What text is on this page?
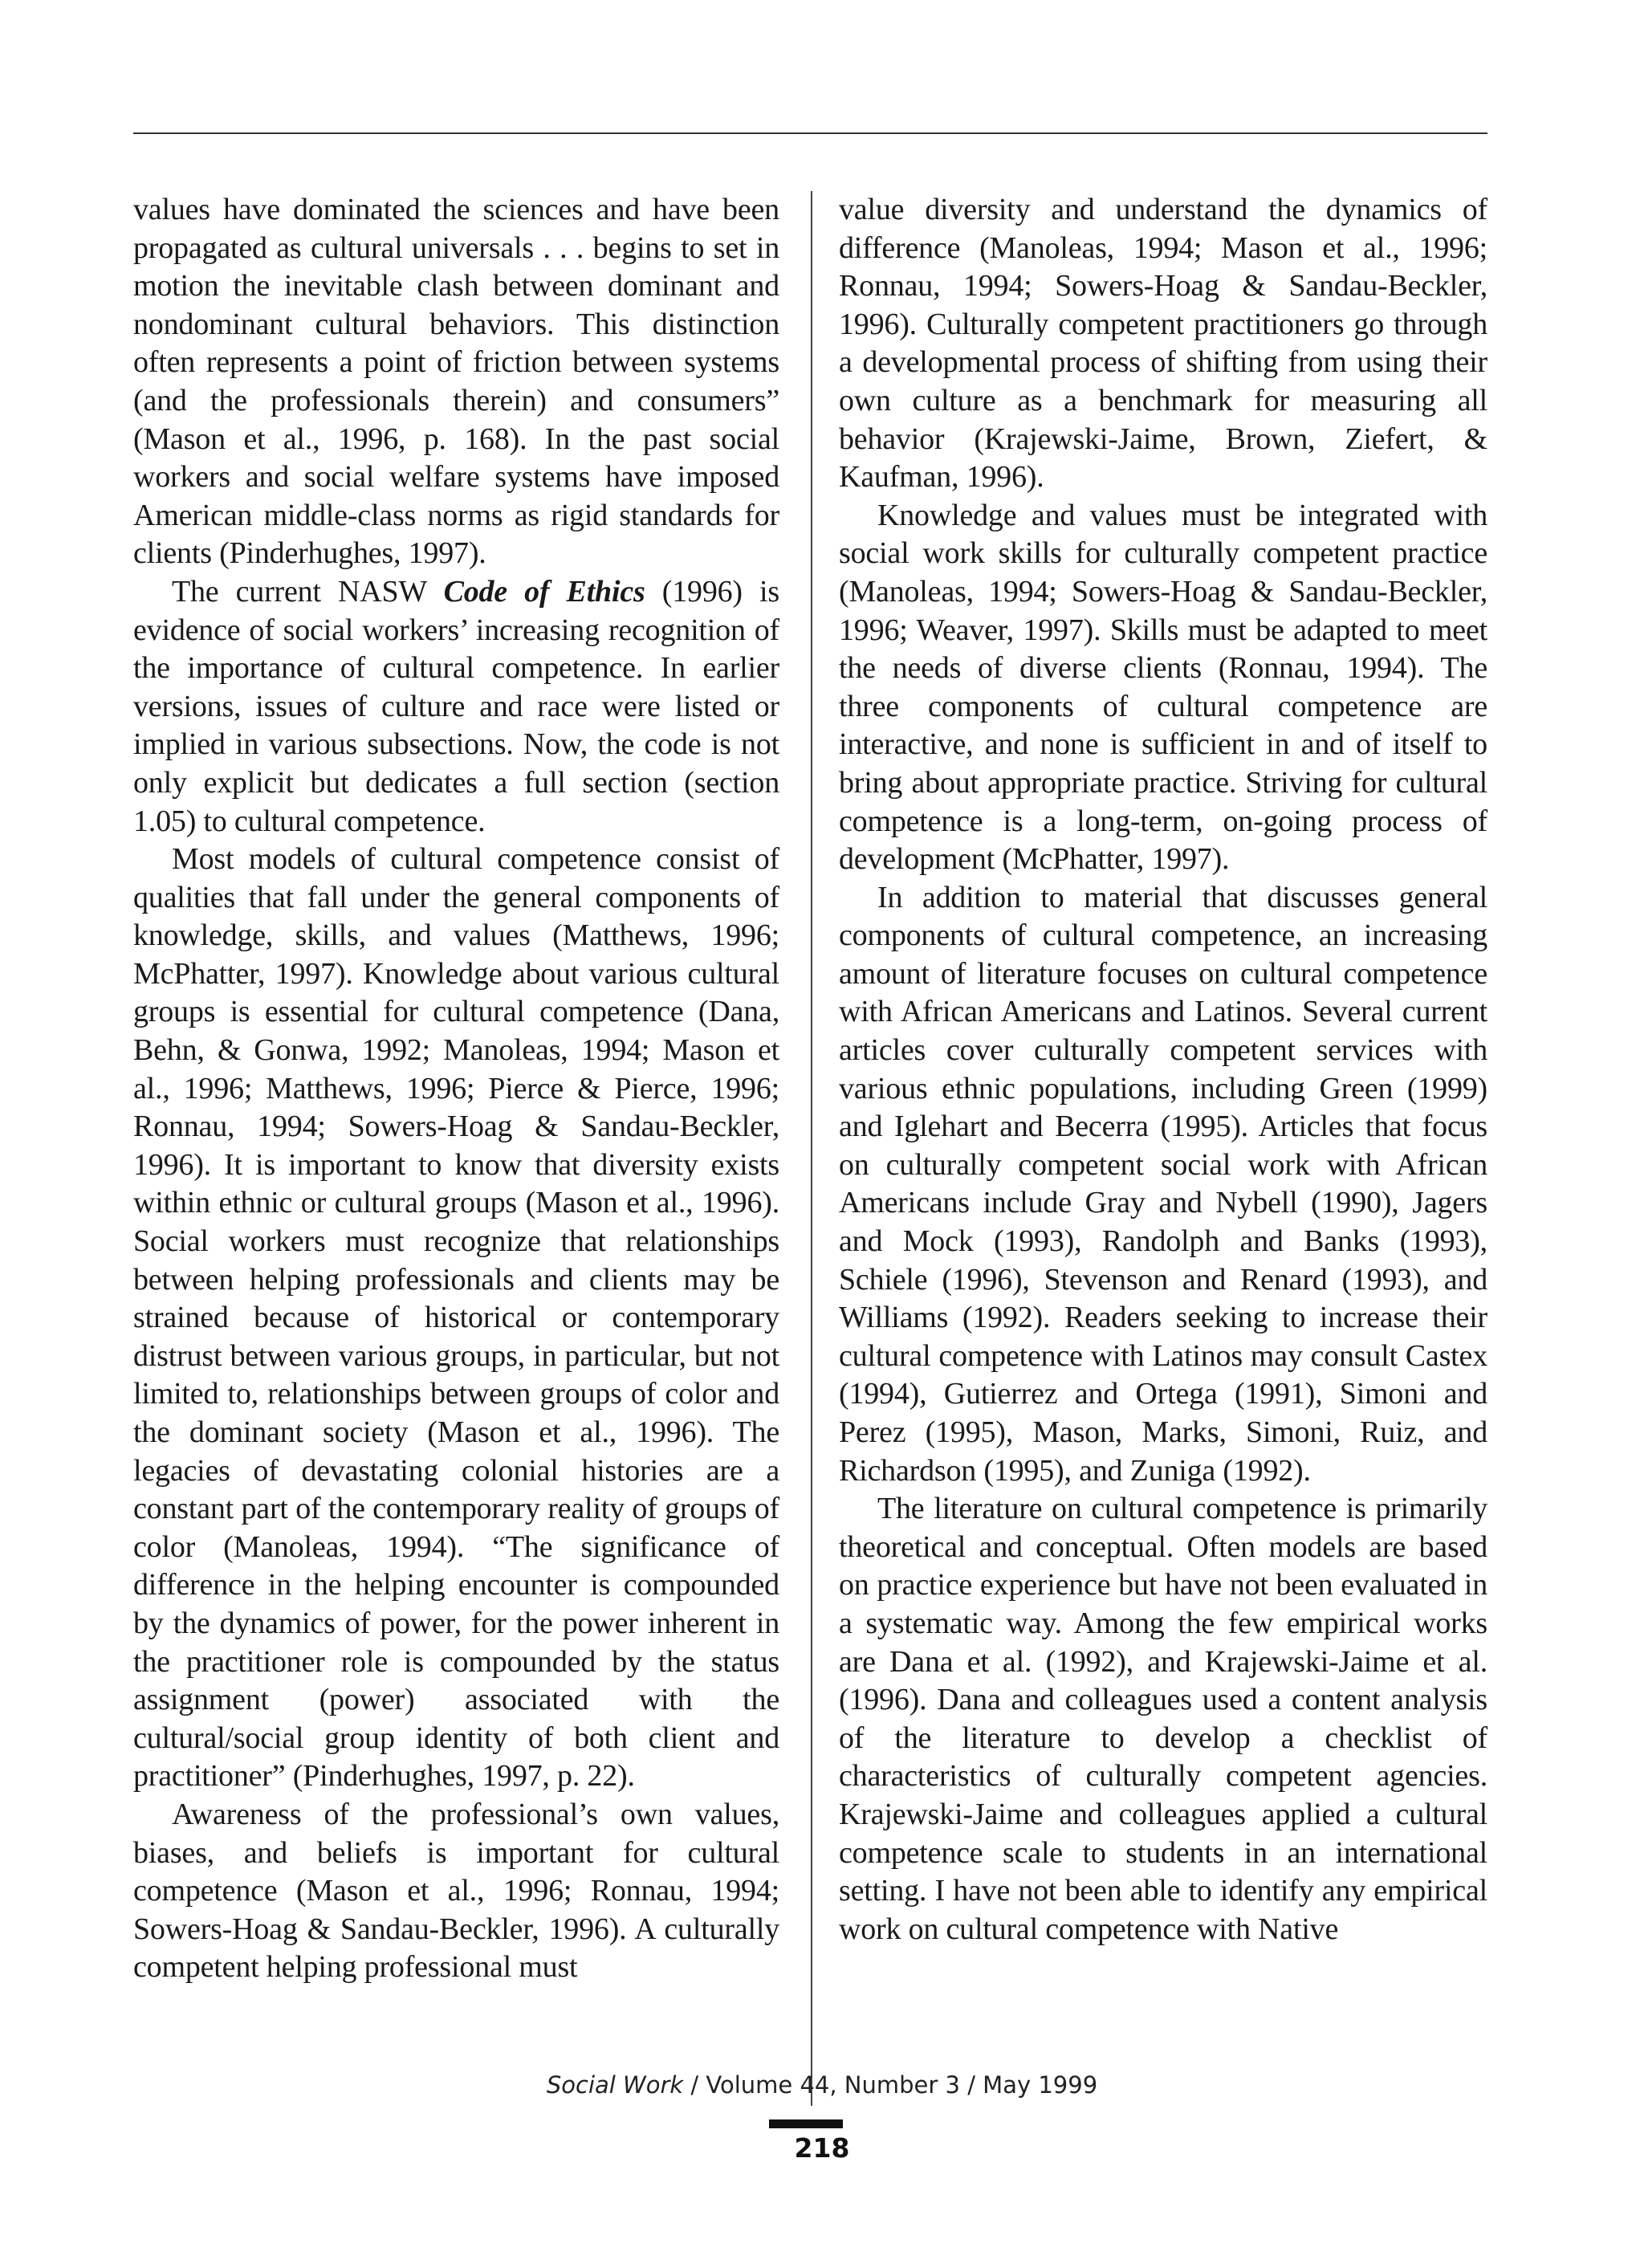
values have dominated the sciences and have been propagated as cultural universals . . . begins to set in motion the inevitable clash between dominant and nondominant cultural behaviors. This distinction often represents a point of friction between systems (and the professionals therein) and consumers” (Mason et al., 1996, p. 168). In the past social workers and social welfare systems have imposed American middle-class norms as rigid standards for clients (Pinderhughes, 1997).

The current NASW Code of Ethics (1996) is evidence of social workers’ increasing recognition of the importance of cultural competence. In earlier versions, issues of culture and race were listed or implied in various subsections. Now, the code is not only explicit but dedicates a full section (section 1.05) to cultural competence.

Most models of cultural competence consist of qualities that fall under the general components of knowledge, skills, and values (Matthews, 1996; McPhatter, 1997). Knowledge about various cultural groups is essential for cultural competence (Dana, Behn, & Gonwa, 1992; Manoleas, 1994; Mason et al., 1996; Matthews, 1996; Pierce & Pierce, 1996; Ronnau, 1994; Sowers-Hoag & Sandau-Beckler, 1996). It is important to know that diversity exists within ethnic or cultural groups (Mason et al., 1996). Social workers must recognize that relationships between helping professionals and clients may be strained because of historical or contemporary distrust between various groups, in particular, but not limited to, relationships between groups of color and the dominant society (Mason et al., 1996). The legacies of devastating colonial histories are a constant part of the contemporary reality of groups of color (Manoleas, 1994). “The significance of difference in the helping encounter is compounded by the dynamics of power, for the power inherent in the practitioner role is compounded by the status assignment (power) associated with the cultural/social group identity of both client and practitioner” (Pinderhughes, 1997, p. 22).

Awareness of the professional’s own values, biases, and beliefs is important for cultural competence (Mason et al., 1996; Ronnau, 1994; Sowers-Hoag & Sandau-Beckler, 1996). A culturally competent helping professional must

value diversity and understand the dynamics of difference (Manoleas, 1994; Mason et al., 1996; Ronnau, 1994; Sowers-Hoag & Sandau-Beckler, 1996). Culturally competent practitioners go through a developmental process of shifting from using their own culture as a benchmark for measuring all behavior (Krajewski-Jaime, Brown, Ziefert, & Kaufman, 1996).

Knowledge and values must be integrated with social work skills for culturally competent practice (Manoleas, 1994; Sowers-Hoag & Sandau-Beckler, 1996; Weaver, 1997). Skills must be adapted to meet the needs of diverse clients (Ronnau, 1994). The three components of cultural competence are interactive, and none is sufficient in and of itself to bring about appropriate practice. Striving for cultural competence is a long-term, on-going process of development (McPhatter, 1997).

In addition to material that discusses general components of cultural competence, an increasing amount of literature focuses on cultural competence with African Americans and Latinos. Several current articles cover culturally competent services with various ethnic populations, including Green (1999) and Iglehart and Becerra (1995). Articles that focus on culturally competent social work with African Americans include Gray and Nybell (1990), Jagers and Mock (1993), Randolph and Banks (1993), Schiele (1996), Stevenson and Renard (1993), and Williams (1992). Readers seeking to increase their cultural competence with Latinos may consult Castex (1994), Gutierrez and Ortega (1991), Simoni and Perez (1995), Mason, Marks, Simoni, Ruiz, and Richardson (1995), and Zuniga (1992).

The literature on cultural competence is primarily theoretical and conceptual. Often models are based on practice experience but have not been evaluated in a systematic way. Among the few empirical works are Dana et al. (1992), and Krajewski-Jaime et al. (1996). Dana and colleagues used a content analysis of the literature to develop a checklist of characteristics of culturally competent agencies. Krajewski-Jaime and colleagues applied a cultural competence scale to students in an international setting. I have not been able to identify any empirical work on cultural competence with Native

Social Work / Volume 44, Number 3 / May 1999
218
